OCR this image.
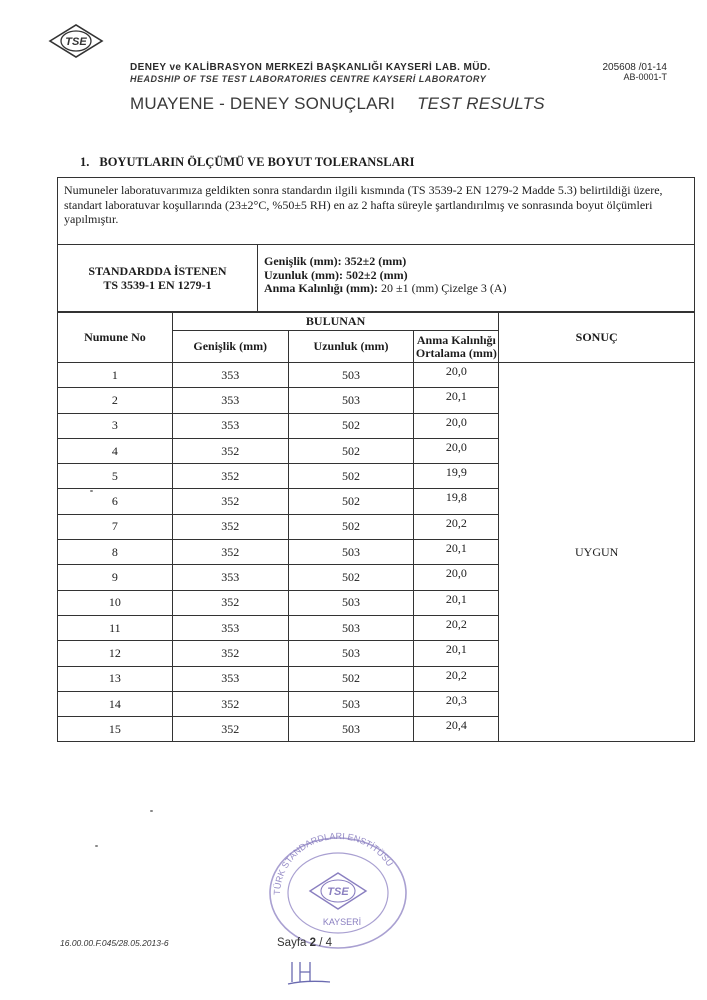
TSE
DENEY ve KALİBRASYON MERKEZİ BAŞKANLIĞI KAYSERİ LAB. MÜD.
HEADSHIP OF TSE TEST LABORATORIES CENTRE KAYSERİ LABORATORY
205608 /01-14
AB-0001-T
MUAYENE - DENEY SONUÇLARI TEST RESULTS
1. BOYUTLARIN ÖLÇÜMÜ VE BOYUT TOLERANSLARI
Numuneler laboratuvarımıza geldikten sonra standardın ilgili kısmında (TS 3539-2 EN 1279-2 Madde 5.3) belirtildiği üzere, standart laboratuvar koşullarında (23±2°C, %50±5 RH) en az 2 hafta süreyle şartlandırılmış ve sonrasında boyut ölçümleri yapılmıştır.
STANDARDDA İSTENEN
TS 3539-1 EN 1279-1
Genişlik (mm): 352±2 (mm)
Uzunluk (mm): 502±2 (mm)
Anma Kalınlığı (mm): 20 ±1 (mm) Çizelge 3 (A)
Numune No	BULUNAN			SONUÇ
	Genişlik (mm)	Uzunluk (mm)	Anma Kalınlığı Ortalama (mm)	
1	353	503	20,0	UYGUN
2	353	503	20,1	
3	353	502	20,0	
4	352	502	20,0	
5	352	502	19,9	
6	352	502	19,8	
7	352	502	20,2	
8	352	503	20,1	
9	353	502	20,0	
10	352	503	20,1	
11	353	503	20,2	
12	352	503	20,1	
13	353	502	20,2	
14	352	503	20,3	
15	352	503	20,4	
TÜRK STANDARDLARI ENSTİTÜSÜ
TSE
KAYSERİ
16.00.00.F.045/28.05.2013-6	Sayfa 2 / 4
